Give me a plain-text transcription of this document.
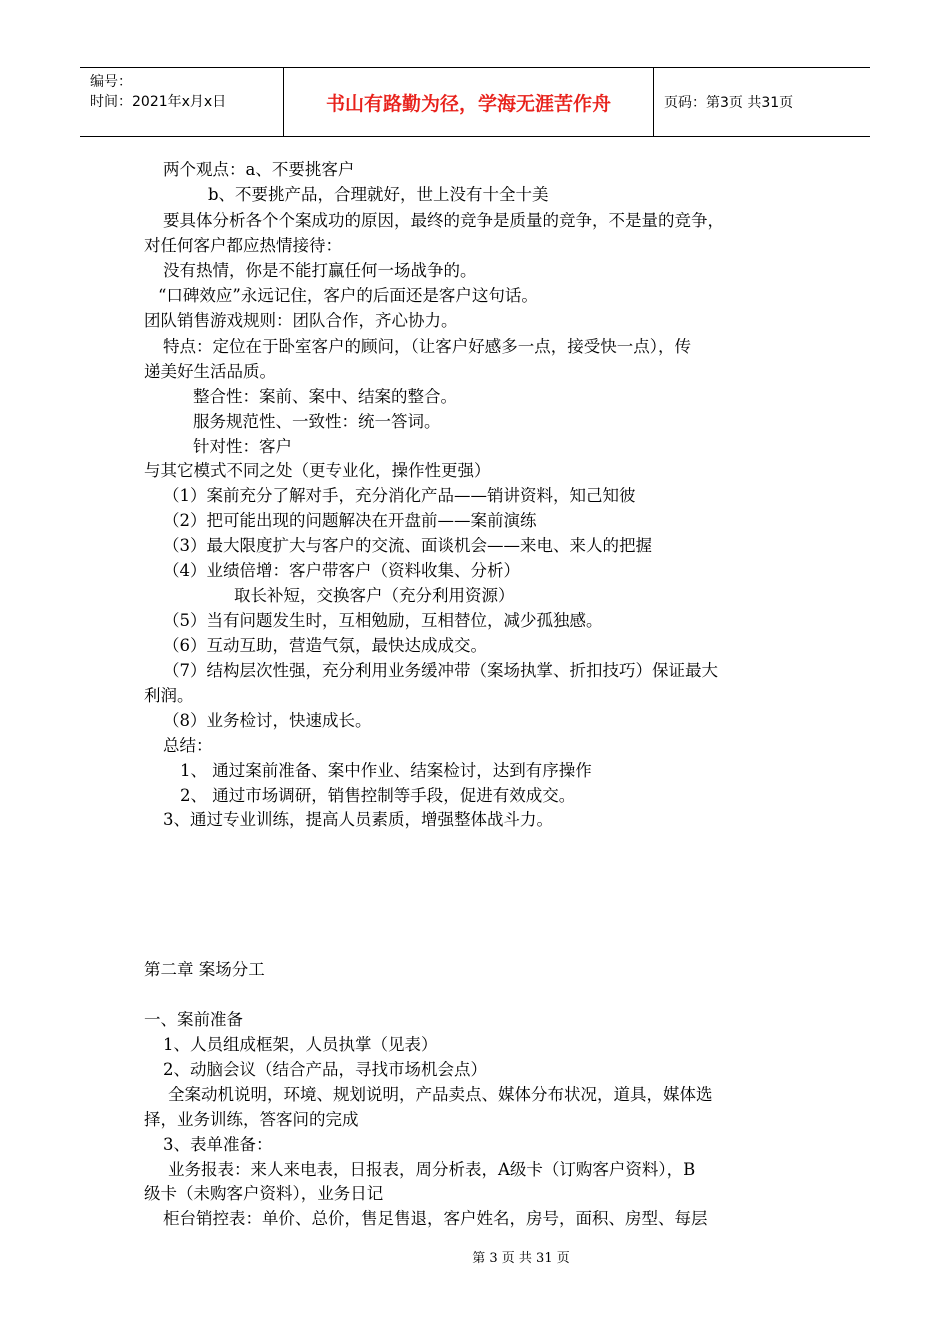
编号：
时间：2021年x月x日	书山有路勤为径，学海无涯苦作舟	页码：第3页 共31页
两个观点：a、不要挑客户
b、不要挑产品，合理就好，世上没有十全十美
要具体分析各个个案成功的原因，最终的竞争是质量的竞争，不是量的竞争，
对任何客户都应热情接待：
没有热情，你是不能打赢任何一场战争的。
“口碑效应”永远记住，客户的后面还是客户这句话。
团队销售游戏规则：团队合作，齐心协力。
特点：定位在于卧室客户的顾问，（让客户好感多一点，接受快一点），传
递美好生活品质。
整合性：案前、案中、结案的整合。
服务规范性、一致性：统一答词。
针对性：客户
与其它模式不同之处（更专业化，操作性更强）
（1）案前充分了解对手，充分消化产品——销讲资料，知己知彼
（2）把可能出现的问题解决在开盘前——案前演练
（3）最大限度扩大与客户的交流、面谈机会——来电、来人的把握
（4）业绩倍增：客户带客户（资料收集、分析）
取长补短，交换客户（充分利用资源）
（5）当有问题发生时，互相勉励，互相替位，减少孤独感。
（6）互动互助，营造气氛，最快达成成交。
（7）结构层次性强，充分利用业务缓冲带（案场执掌、折扣技巧）保证最大
利润。
（8）业务检讨，快速成长。
总结：
1、 通过案前准备、案中作业、结案检讨，达到有序操作
2、 通过市场调研，销售控制等手段，促进有效成交。
3、通过专业训练，提高人员素质，增强整体战斗力。
第二章 案场分工
一、案前准备
1、人员组成框架，人员执掌（见表）
2、动脑会议（结合产品，寻找市场机会点）
全案动机说明，环境、规划说明，产品卖点、媒体分布状况，道具，媒体选
择，业务训练，答客问的完成
3、表单准备：
业务报表：来人来电表，日报表，周分析表，A级卡（订购客户资料），B
级卡（未购客户资料），业务日记
柜台销控表：单价、总价，售足售退，客户姓名，房号，面积、房型、每层
第 3 页 共 31 页
